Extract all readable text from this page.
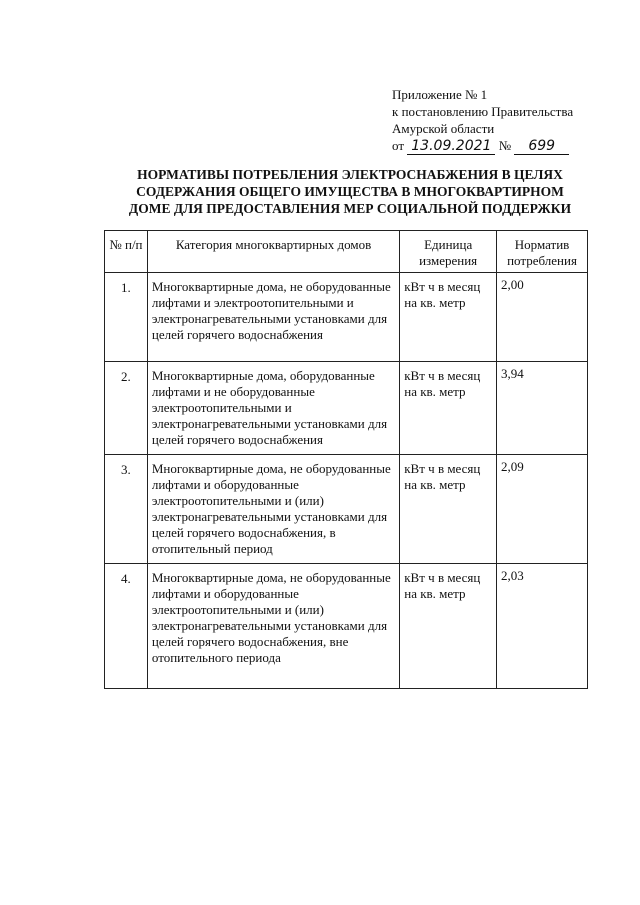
Приложение № 1
к постановлению Правительства
Амурской области
от 13.09.2021 № 699
НОРМАТИВЫ ПОТРЕБЛЕНИЯ ЭЛЕКТРОСНАБЖЕНИЯ В ЦЕЛЯХ
СОДЕРЖАНИЯ ОБЩЕГО ИМУЩЕСТВА В МНОГОКВАРТИРНОМ
ДОМЕ ДЛЯ ПРЕДОСТАВЛЕНИЯ МЕР СОЦИАЛЬНОЙ ПОДДЕРЖКИ
№ п/п	Категория многоквартирных домов	Единица измерения	Норматив потребления
1.	Многоквартирные дома, не оборудованные лифтами и электроотопительными и электронагревательными установками для целей горячего водоснабжения	кВт ч в месяц на кв. метр	2,00
2.	Многоквартирные дома, оборудованные лифтами и не оборудованные электроотопительными и электронагревательными установками для целей горячего водоснабжения	кВт ч в месяц на кв. метр	3,94
3.	Многоквартирные дома, не оборудованные лифтами и оборудованные электроотопительными и (или) электронагревательными установками для целей горячего водоснабжения, в отопительный период	кВт ч в месяц на кв. метр	2,09
4.	Многоквартирные дома, не оборудованные лифтами и оборудованные электроотопительными и (или) электронагревательными установками для целей горячего водоснабжения, вне отопительного периода	кВт ч в месяц на кв. метр	2,03
